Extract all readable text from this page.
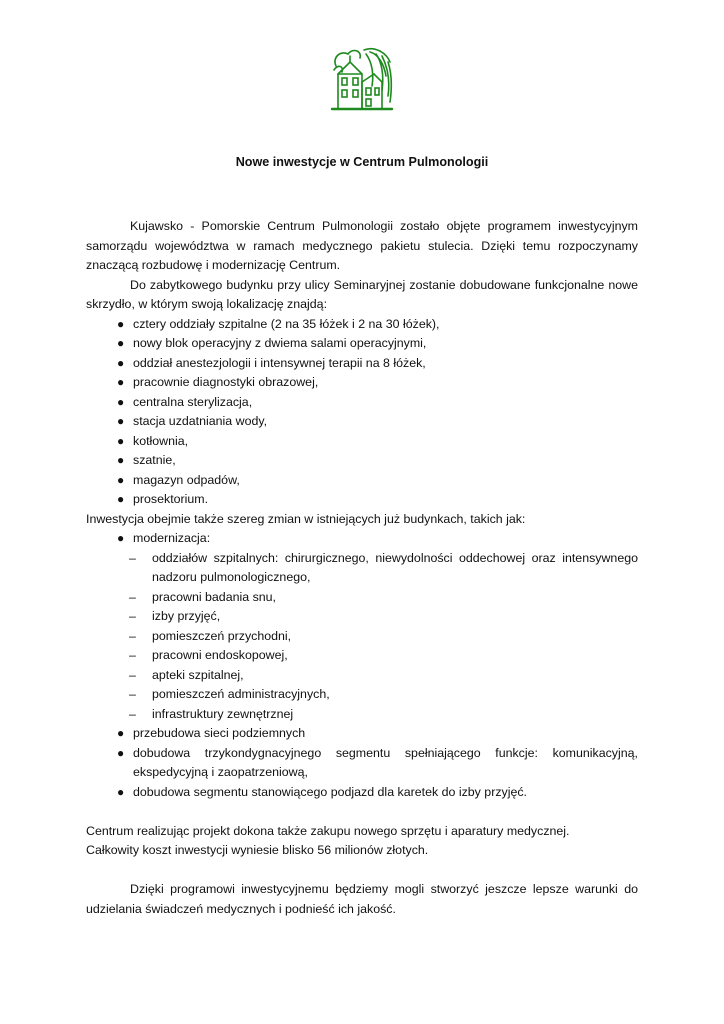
Nowe inwestycje w Centrum Pulmonologii

Kujawsko - Pomorskie Centrum Pulmonologii zostało objęte programem inwestycyjnym samorządu województwa w ramach medycznego pakietu stulecia. Dzięki temu rozpoczynamy znaczącą rozbudowę i modernizację Centrum.

Do zabytkowego budynku przy ulicy Seminaryjnej zostanie dobudowane funkcjonalne nowe skrzydło, w którym swoją lokalizację znajdą:

● cztery oddziały szpitalne (2 na 35 łóżek i 2 na 30 łóżek),
● nowy blok operacyjny z dwiema salami operacyjnymi,
● oddział anestezjologii i intensywnej terapii na 8 łóżek,
● pracownie diagnostyki obrazowej,
● centralna sterylizacja,
● stacja uzdatniania wody,
● kotłownia,
● szatnie,
● magazyn odpadów,
● prosektorium.

Inwestycja obejmie także szereg zmian w istniejących już budynkach, takich jak:

● modernizacja:
– oddziałów szpitalnych: chirurgicznego, niewydolności oddechowej oraz intensywnego nadzoru pulmonologicznego,
– pracowni badania snu,
– izby przyjęć,
– pomieszczeń przychodni,
– pracowni endoskopowej,
– apteki szpitalnej,
– pomieszczeń administracyjnych,
– infrastruktury zewnętrznej
● przebudowa sieci podziemnych
● dobudowa trzykondygnacyjnego segmentu spełniającego funkcje: komunikacyjną, ekspedycyjną i zaopatrzeniową,
● dobudowa segmentu stanowiącego podjazd dla karetek do izby przyjęć.

Centrum realizując projekt dokona także zakupu nowego sprzętu i aparatury medycznej.

Całkowity koszt inwestycji wyniesie blisko 56 milionów złotych.

Dzięki programowi inwestycyjnemu będziemy mogli stworzyć jeszcze lepsze warunki do udzielania świadczeń medycznych i podnieść ich jakość.
